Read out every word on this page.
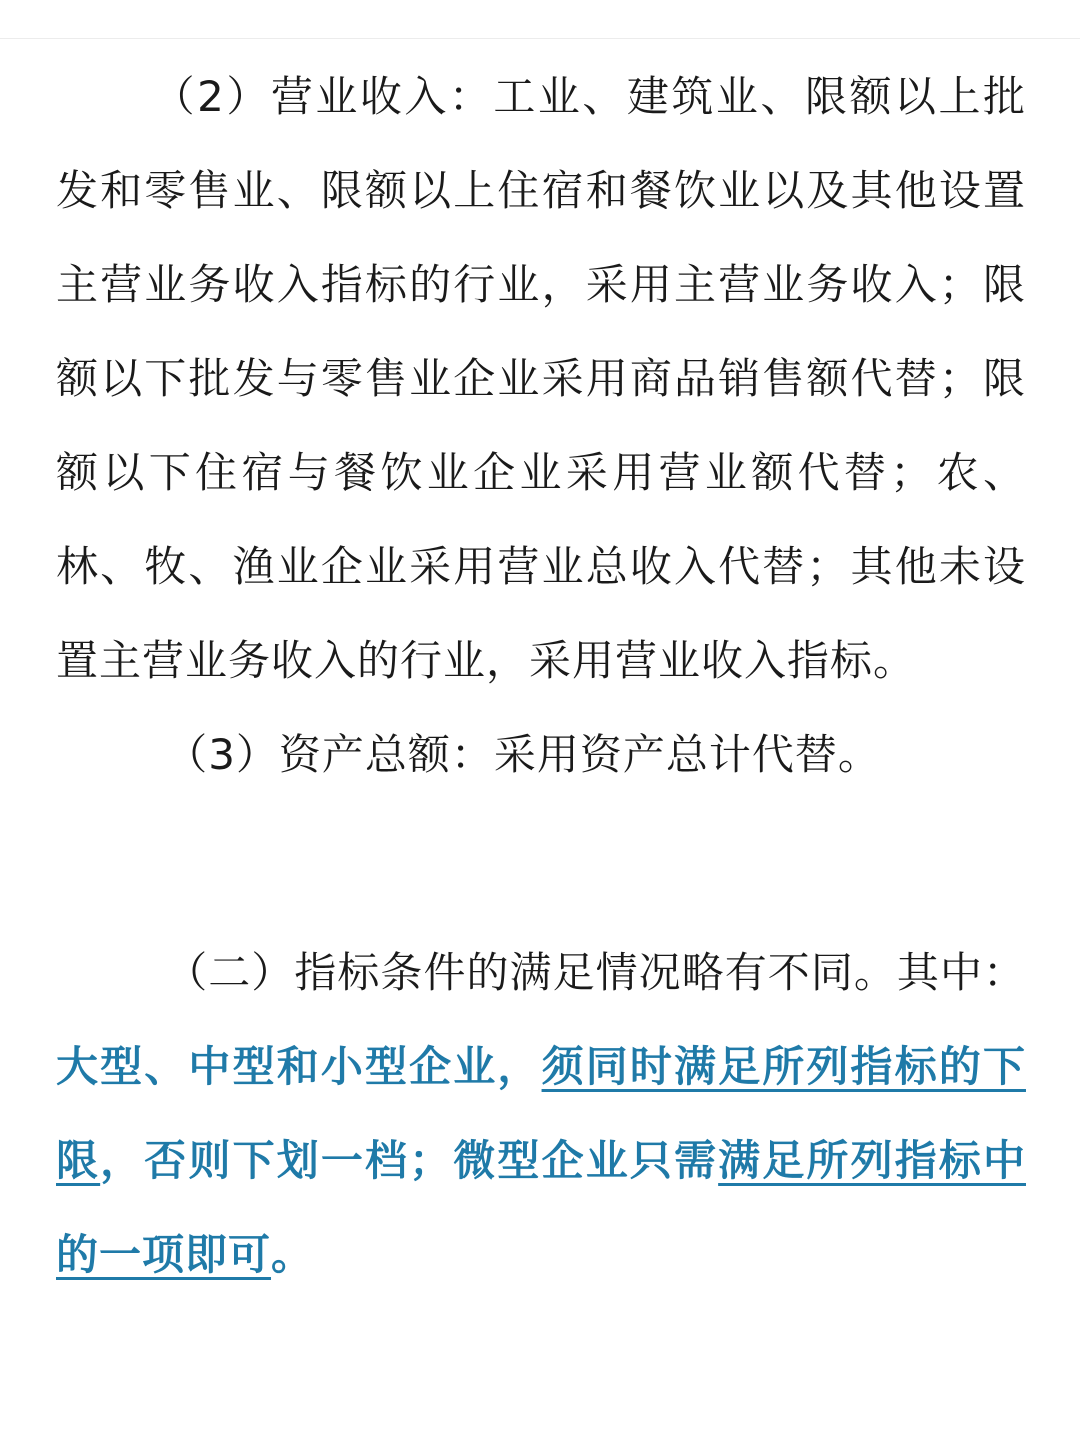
（2）营业收入：工业、建筑业、限额以上批发和零售业、限额以上住宿和餐饮业以及其他设置主营业务收入指标的行业，采用主营业务收入；限额以下批发与零售业企业采用商品销售额代替；限额以下住宿与餐饮业企业采用营业额代替；农、林、牧、渔业企业采用营业总收入代替；其他未设置主营业务收入的行业，采用营业收入指标。

（3）资产总额：采用资产总计代替。

（二）指标条件的满足情况略有不同。其中：大型、中型和小型企业，须同时满足所列指标的下限，否则下划一档；微型企业只需满足所列指标中的一项即可。
